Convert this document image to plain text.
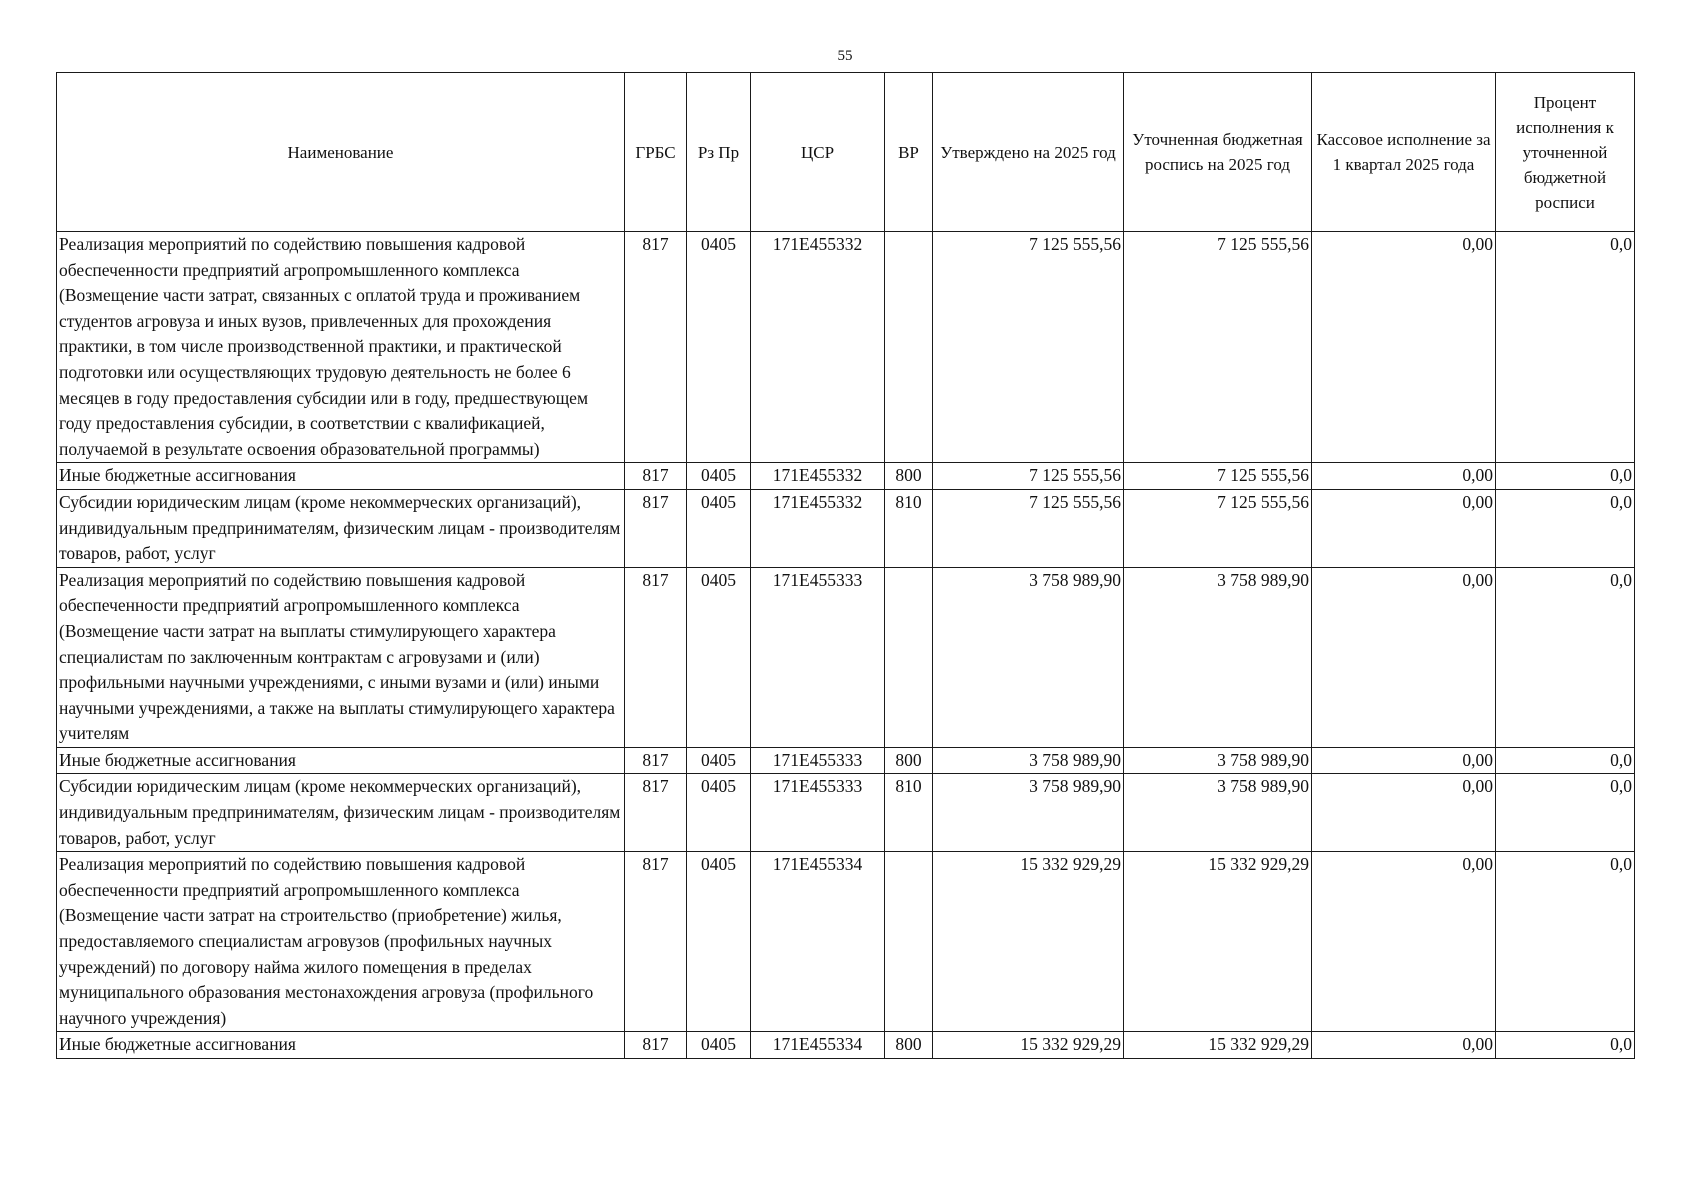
55
Наименование	ГРБС	Рз Пр	ЦСР	ВР	Утверждено на 2025 год	Уточненная бюджетная роспись на 2025 год	Кассовое исполнение за 1 квартал 2025 года	Процент исполнения к уточненной бюджетной росписи
Реализация мероприятий по содействию повышения кадровой обеспеченности предприятий агропромышленного комплекса (Возмещение части затрат, связанных с оплатой труда и проживанием студентов агровуза и иных вузов, привлеченных для прохождения практики, в том числе производственной практики, и практической подготовки или осуществляющих трудовую деятельность не более 6 месяцев в году предоставления субсидии или в году, предшествующем году предоставления субсидии, в соответствии с квалификацией, получаемой в результате освоения образовательной программы)	817	0405	171Е455332		7 125 555,56	7 125 555,56	0,00	0,0
Иные бюджетные ассигнования	817	0405	171Е455332	800	7 125 555,56	7 125 555,56	0,00	0,0
Субсидии юридическим лицам (кроме некоммерческих организаций), индивидуальным предпринимателям, физическим лицам - производителям товаров, работ, услуг	817	0405	171Е455332	810	7 125 555,56	7 125 555,56	0,00	0,0
Реализация мероприятий по содействию повышения кадровой обеспеченности предприятий агропромышленного комплекса (Возмещение части затрат на выплаты стимулирующего характера специалистам по заключенным контрактам с агровузами и (или) профильными научными учреждениями, с иными вузами и (или) иными научными учреждениями, а также на выплаты стимулирующего характера учителям	817	0405	171Е455333		3 758 989,90	3 758 989,90	0,00	0,0
Иные бюджетные ассигнования	817	0405	171Е455333	800	3 758 989,90	3 758 989,90	0,00	0,0
Субсидии юридическим лицам (кроме некоммерческих организаций), индивидуальным предпринимателям, физическим лицам - производителям товаров, работ, услуг	817	0405	171Е455333	810	3 758 989,90	3 758 989,90	0,00	0,0
Реализация мероприятий по содействию повышения кадровой обеспеченности предприятий агропромышленного комплекса (Возмещение части затрат на строительство (приобретение) жилья, предоставляемого специалистам агровузов (профильных научных учреждений) по договору найма жилого помещения в пределах муниципального образования местонахождения агровуза (профильного научного учреждения)	817	0405	171Е455334		15 332 929,29	15 332 929,29	0,00	0,0
Иные бюджетные ассигнования	817	0405	171Е455334	800	15 332 929,29	15 332 929,29	0,00	0,0
